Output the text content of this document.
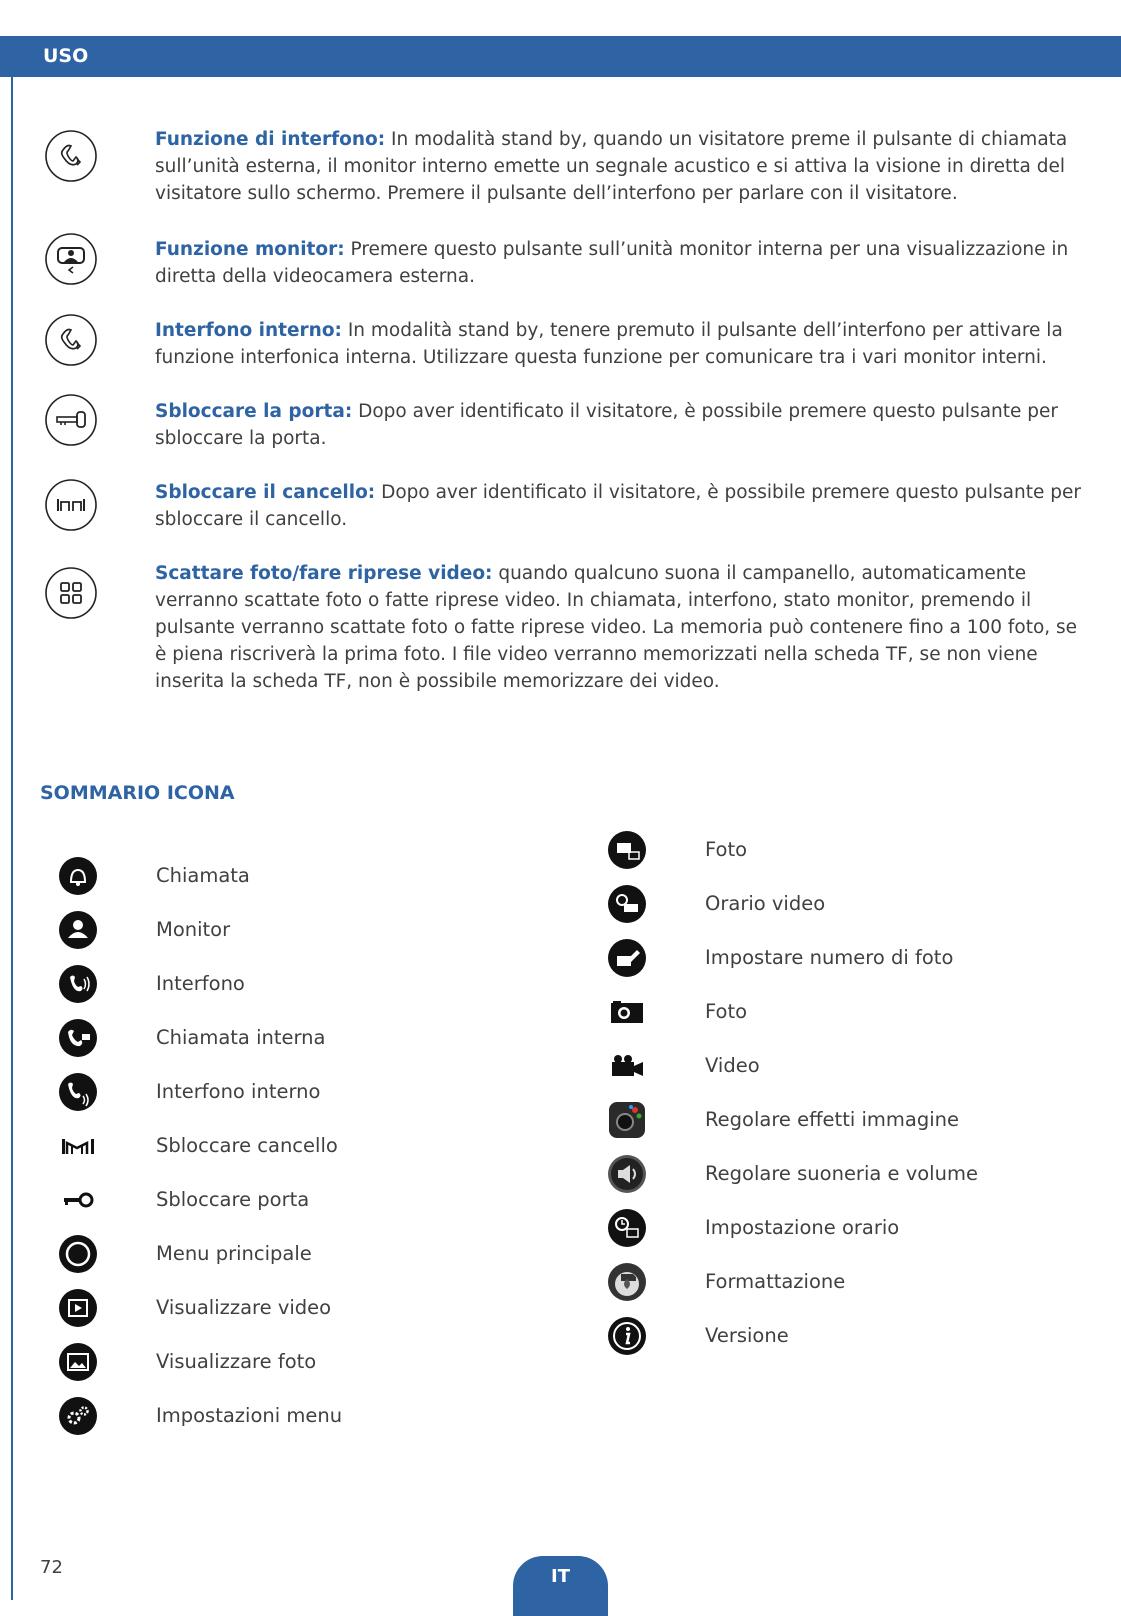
USO
Funzione di interfono: In modalità stand by, quando un visitatore preme il pulsante di chiamata sull’unità esterna, il monitor interno emette un segnale acustico e si attiva la visione in diretta del visitatore sullo schermo. Premere il pulsante dell’interfono per parlare con il visitatore.
Funzione monitor: Premere questo pulsante sull’unità monitor interna per una visualizzazione in diretta della videocamera esterna.
Interfono interno: In modalità stand by, tenere premuto il pulsante dell’interfono per attivare la funzione interfonica interna. Utilizzare questa funzione per comunicare tra i vari monitor interni.
Sbloccare la porta: Dopo aver identificato il visitatore, è possibile premere questo pulsante per sbloccare la porta.
Sbloccare il cancello: Dopo aver identificato il visitatore, è possibile premere questo pulsante per sbloccare il cancello.
Scattare foto/fare riprese video: quando qualcuno suona il campanello, automaticamente verranno scattate foto o fatte riprese video. In chiamata, interfono, stato monitor, premendo il pulsante verranno scattate foto o fatte riprese video. La memoria può contenere fino a 100 foto, se è piena riscriverà la prima foto. I file video verranno memorizzati nella scheda TF, se non viene inserita la scheda TF, non è possibile memorizzare dei video.
SOMMARIO ICONA
Chiamata
Monitor
Interfono
Chiamata interna
Interfono interno
Sbloccare cancello
Sbloccare porta
Menu principale
Visualizzare video
Visualizzare foto
Impostazioni menu
Foto
Orario video
Impostare numero di foto
Foto
Video
Regolare effetti immagine
Regolare suoneria e volume
Impostazione orario
Formattazione
Versione
72	IT
